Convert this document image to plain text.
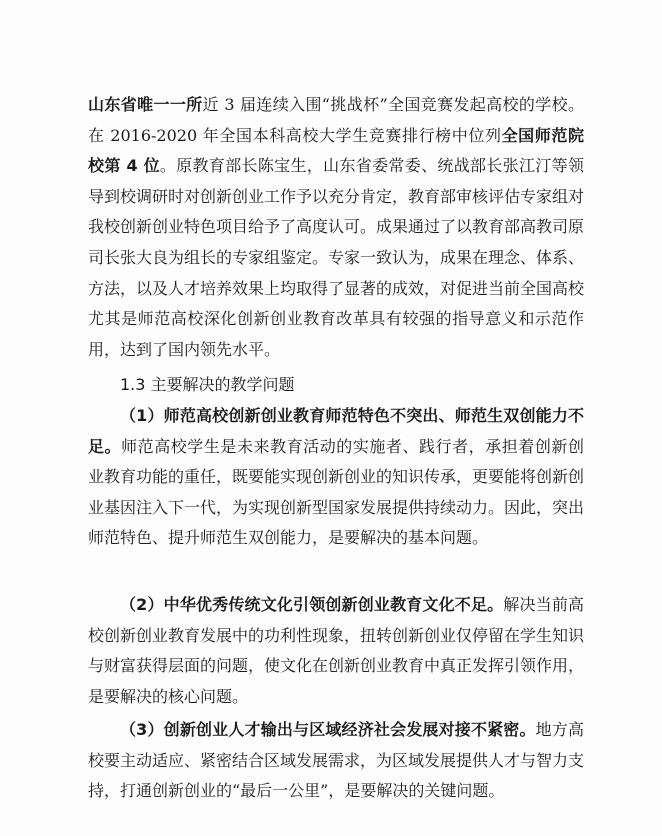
山东省唯一一所近 3 届连续入围“挑战杯”全国竞赛发起高校的学校。在 2016-2020 年全国本科高校大学生竞赛排行榜中位列全国师范院校第 4 位。原教育部长陈宝生，山东省委常委、统战部长张江汀等领导到校调研时对创新创业工作予以充分肯定，教育部审核评估专家组对我校创新创业特色项目给予了高度认可。成果通过了以教育部高教司原司长张大良为组长的专家组鉴定。专家一致认为，成果在理念、体系、方法，以及人才培养效果上均取得了显著的成效，对促进当前全国高校尤其是师范高校深化创新创业教育改革具有较强的指导意义和示范作用，达到了国内领先水平。

1.3 主要解决的教学问题

（1）师范高校创新创业教育师范特色不突出、师范生双创能力不足。师范高校学生是未来教育活动的实施者、践行者，承担着创新创业教育功能的重任，既要能实现创新创业的知识传承，更要能将创新创业基因注入下一代，为实现创新型国家发展提供持续动力。因此，突出师范特色、提升师范生双创能力，是要解决的基本问题。

（2）中华优秀传统文化引领创新创业教育文化不足。解决当前高校创新创业教育发展中的功利性现象，扭转创新创业仅停留在学生知识与财富获得层面的问题，使文化在创新创业教育中真正发挥引领作用，是要解决的核心问题。

（3）创新创业人才输出与区域经济社会发展对接不紧密。地方高校要主动适应、紧密结合区域发展需求，为区域发展提供人才与智力支持，打通创新创业的“最后一公里”，是要解决的关键问题。
